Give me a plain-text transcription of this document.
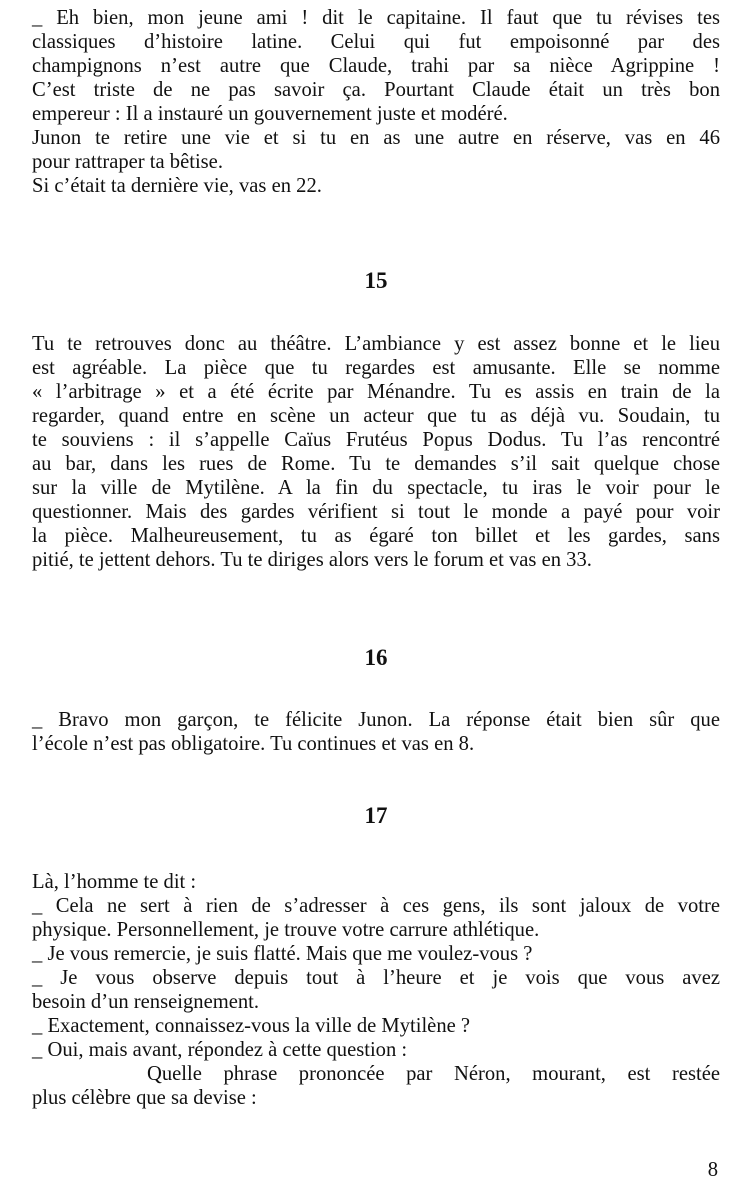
_ Eh bien, mon jeune ami ! dit le capitaine. Il faut que tu révises tes
classiques d’histoire latine. Celui qui fut empoisonné par des
champignons n’est autre que Claude, trahi par sa nièce Agrippine !
C’est triste de ne pas savoir ça. Pourtant Claude était un très bon
empereur : Il a instauré un gouvernement juste et modéré.
Junon te retire une vie et si tu en as une autre en réserve, vas en 46
pour rattraper ta bêtise.
Si c’était ta dernière vie, vas en 22.
15
Tu te retrouves donc au théâtre. L’ambiance y est assez bonne et le lieu
est agréable. La pièce que tu regardes est amusante. Elle se nomme
« l’arbitrage » et a été écrite par Ménandre. Tu es assis en train de la
regarder, quand entre en scène un acteur que tu as déjà vu. Soudain, tu
te souviens : il s’appelle Caïus Frutéus Popus Dodus. Tu l’as rencontré
au bar, dans les rues de Rome. Tu te demandes s’il sait quelque chose
sur la ville de Mytilène. A la fin du spectacle, tu iras le voir pour le
questionner. Mais des gardes vérifient si tout le monde a payé pour voir
la pièce. Malheureusement, tu as égaré ton billet et les gardes, sans
pitié, te jettent dehors. Tu te diriges alors vers le forum et vas en 33.
16
_ Bravo mon garçon, te félicite Junon. La réponse était bien sûr que
l’école n’est pas obligatoire. Tu continues et vas en 8.
17
Là, l’homme te dit :
_ Cela ne sert à rien de s’adresser à ces gens, ils sont jaloux de votre
physique. Personnellement, je trouve votre carrure athlétique.
_ Je vous remercie, je suis flatté. Mais que me voulez-vous ?
_ Je vous observe depuis tout à l’heure et je vois que vous avez
besoin d’un renseignement.
_ Exactement, connaissez-vous la ville de Mytilène ?
_ Oui, mais avant, répondez à cette question :
Quelle phrase prononcée par Néron, mourant, est restée
plus célèbre que sa devise :
8
